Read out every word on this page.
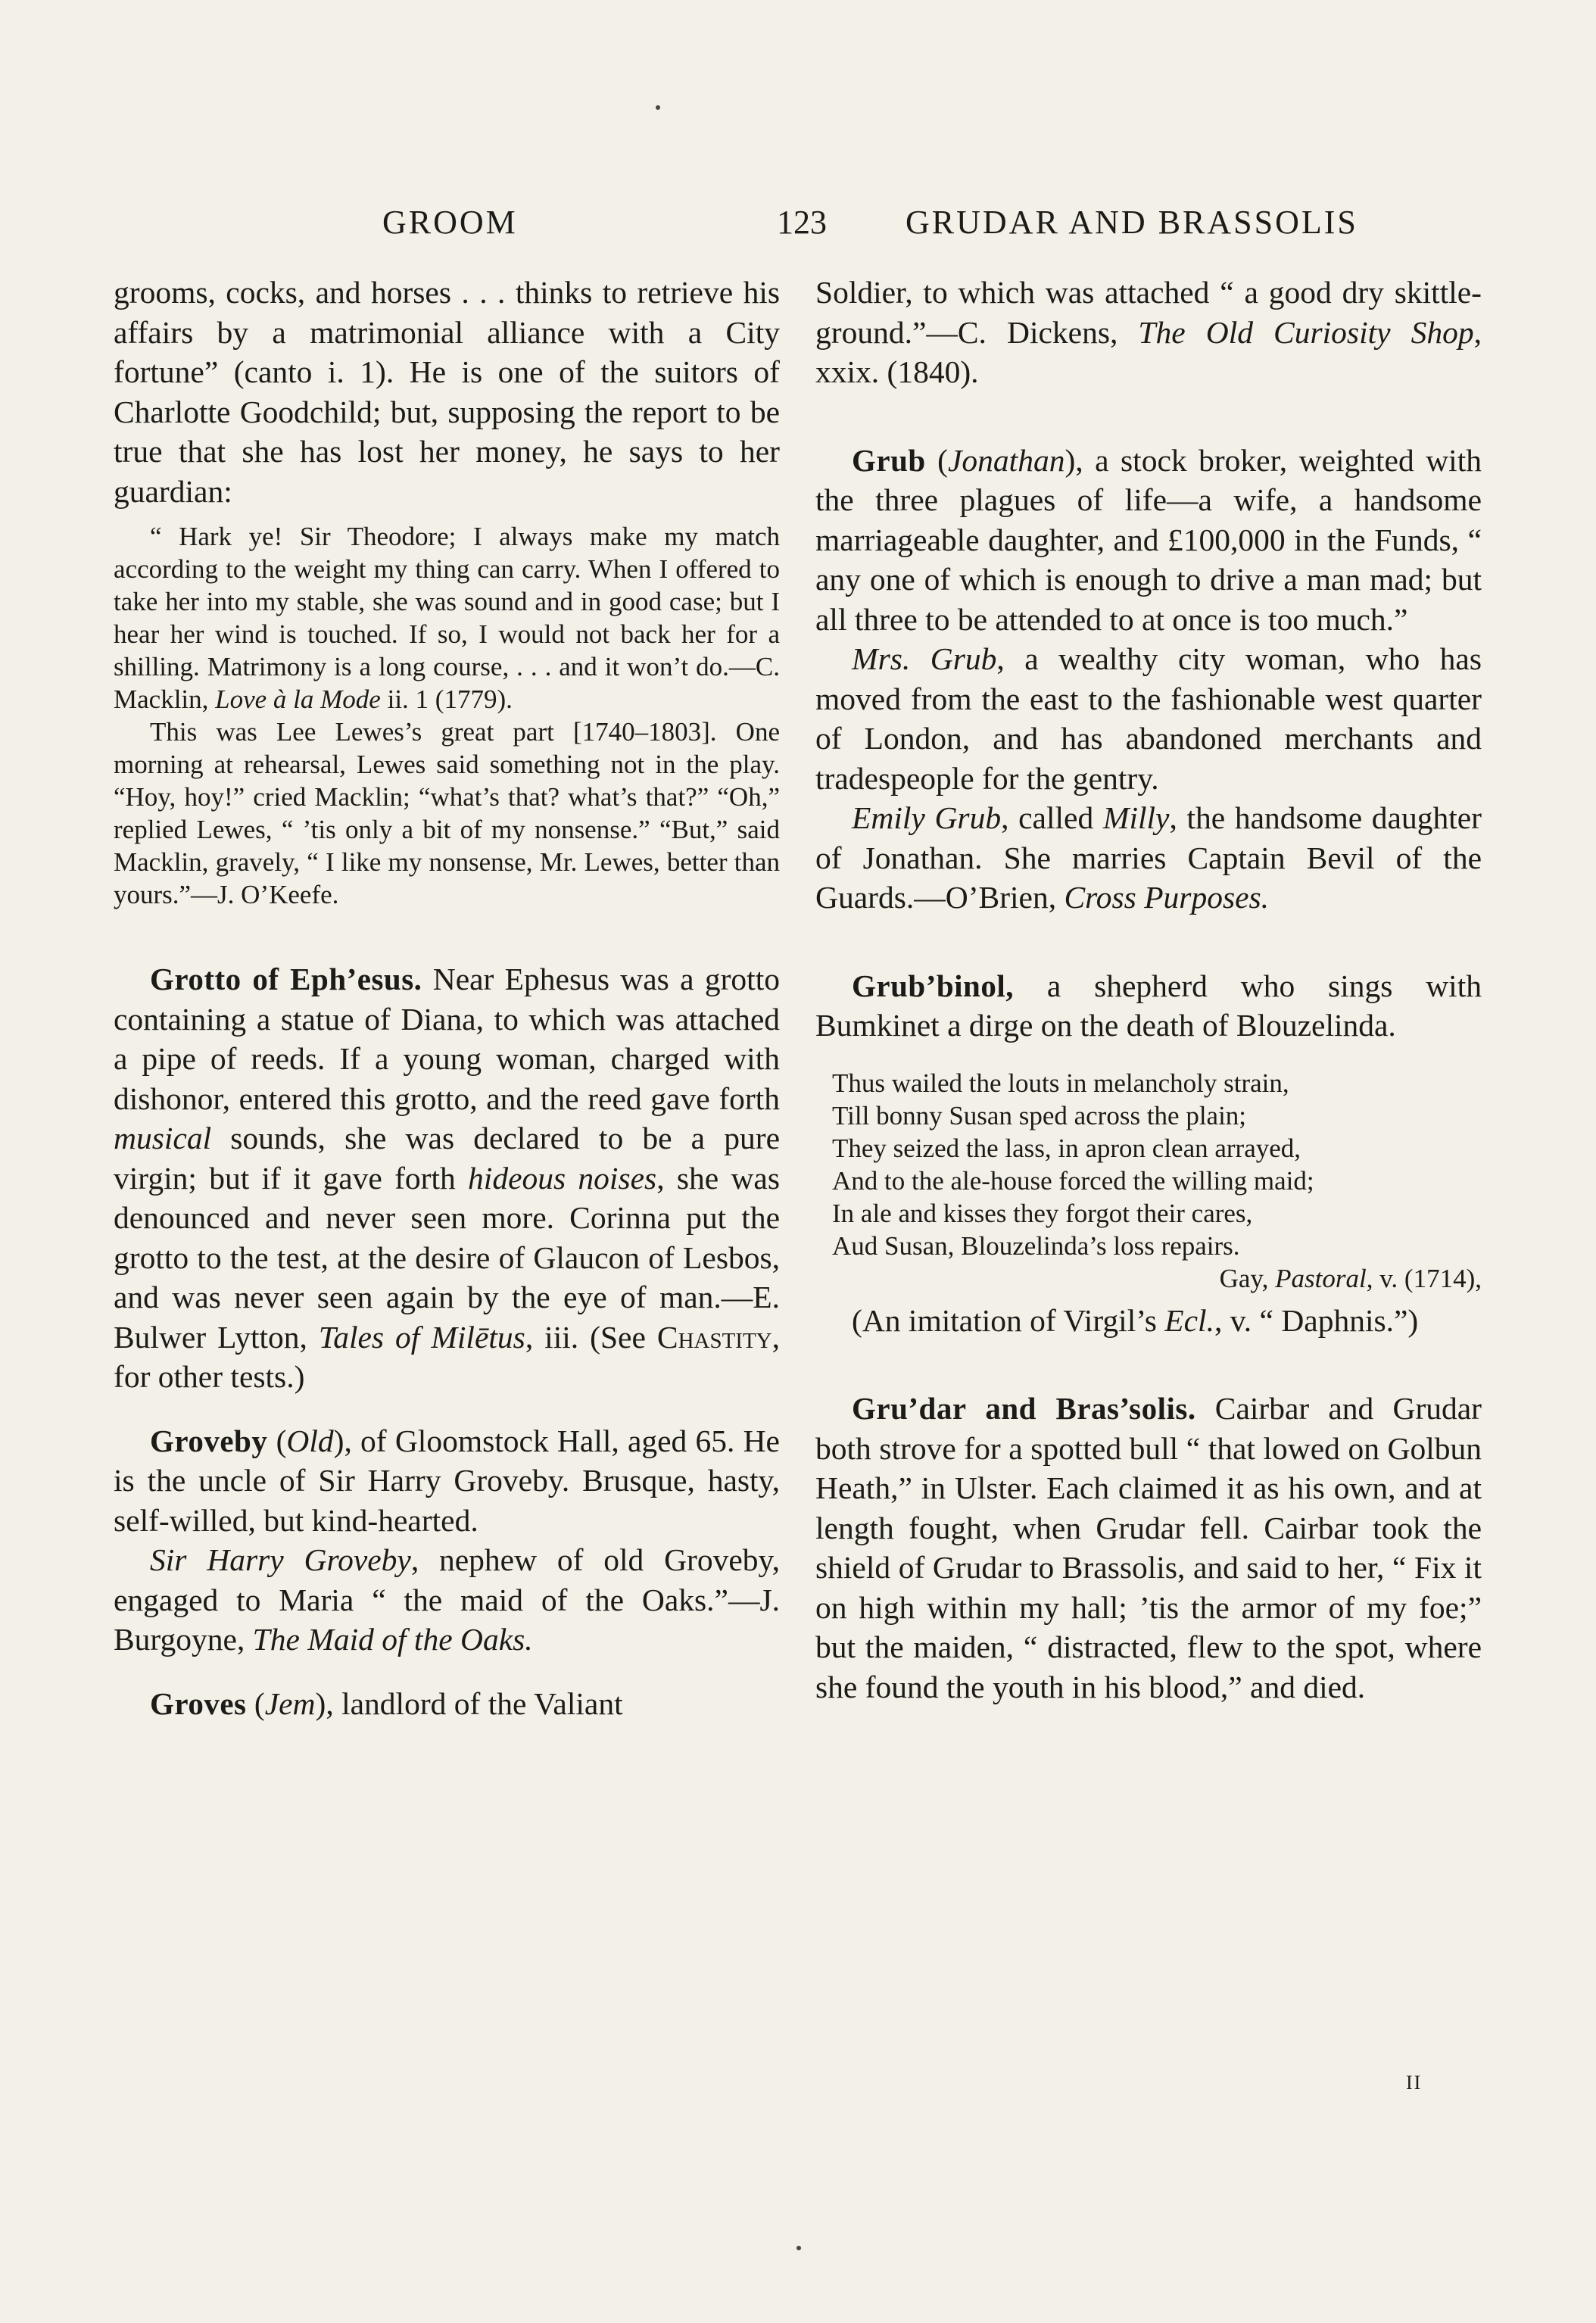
GROOM	123 GRUDAR AND BRASSOLIS

grooms, cocks, and horses . . . thinks to retrieve his affairs by a matrimonial alliance with a City fortune” (canto i. 1). He is one of the suitors of Charlotte Goodchild; but, supposing the report to be true that she has lost her money, he says to her guardian:

“ Hark ye! Sir Theodore; I always make my match according to the weight my thing can carry. When I offered to take her into my stable, she was sound and in good case; but I hear her wind is touched. If so, I would not back her for a shilling. Matrimony is a long course, . . . and it won’t do.—C. Macklin, Love à la Mode ii. 1 (1779).

This was Lee Lewes’s great part [1740–1803]. One morning at rehearsal, Lewes said something not in the play. “Hoy, hoy!” cried Macklin; “what’s that? what’s that?” “Oh,” replied Lewes, “ ’tis only a bit of my nonsense.” “But,” said Macklin, gravely, “ I like my nonsense, Mr. Lewes, better than yours.”—J. O’Keefe.

Grotto of Eph’esus. Near Ephesus was a grotto containing a statue of Diana, to which was attached a pipe of reeds. If a young woman, charged with dishonor, entered this grotto, and the reed gave forth musical sounds, she was declared to be a pure virgin; but if it gave forth hideous noises, she was denounced and never seen more. Corinna put the grotto to the test, at the desire of Glaucon of Lesbos, and was never seen again by the eye of man.—E. Bulwer Lytton, Tales of Milētus, iii. (See Chastity, for other tests.)

Groveby (Old), of Gloomstock Hall, aged 65. He is the uncle of Sir Harry Groveby. Brusque, hasty, self-willed, but kind-hearted.

Sir Harry Groveby, nephew of old Groveby, engaged to Maria “ the maid of the Oaks.”—J. Burgoyne, The Maid of the Oaks.

Groves (Jem), landlord of the Valiant

Soldier, to which was attached “ a good dry skittle-ground.”—C. Dickens, The Old Curiosity Shop, xxix. (1840).

Grub (Jonathan), a stock broker, weighted with the three plagues of life—a wife, a handsome marriageable daughter, and £100,000 in the Funds, “ any one of which is enough to drive a man mad; but all three to be attended to at once is too much.”

Mrs. Grub, a wealthy city woman, who has moved from the east to the fashionable west quarter of London, and has abandoned merchants and tradespeople for the gentry.

Emily Grub, called Milly, the handsome daughter of Jonathan. She marries Captain Bevil of the Guards.—O’Brien, Cross Purposes.

Grub’binol, a shepherd who sings with Bumkinet a dirge on the death of Blouzelinda.

Thus wailed the louts in melancholy strain,
Till bonny Susan sped across the plain;
They seized the lass, in apron clean arrayed,
And to the ale-house forced the willing maid;
In ale and kisses they forgot their cares,
Aud Susan, Blouzelinda’s loss repairs.
Gay, Pastoral, v. (1714),

(An imitation of Virgil’s Ecl., v. “ Daphnis.”)

Gru’dar and Bras’solis. Cairbar and Grudar both strove for a spotted bull “ that lowed on Golbun Heath,” in Ulster. Each claimed it as his own, and at length fought, when Grudar fell. Cairbar took the shield of Grudar to Brassolis, and said to her, “ Fix it on high within my hall; ’tis the armor of my foe;” but the maiden, “ distracted, flew to the spot, where she found the youth in his blood,” and died.

II
